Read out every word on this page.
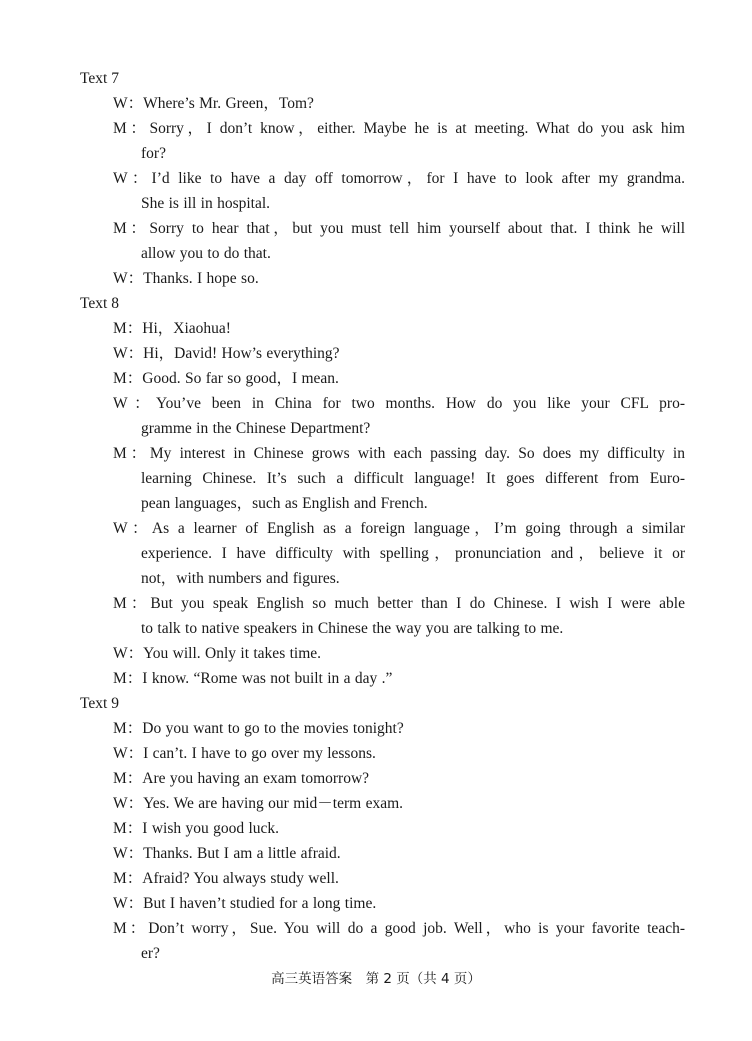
Text 7
W：Where’s Mr. Green，Tom?
M：Sorry，I don’t know，either. Maybe he is at meeting. What do you ask him
for?
W：I’d like to have a day off tomorrow，for I have to look after my grandma.
She is ill in hospital.
M：Sorry to hear that，but you must tell him yourself about that. I think he will
allow you to do that.
W：Thanks. I hope so.
Text 8
M：Hi，Xiaohua!
W：Hi，David! How’s everything?
M：Good. So far so good，I mean.
W：You’ve been in China for two months. How do you like your CFL pro-
gramme in the Chinese Department?
M：My interest in Chinese grows with each passing day. So does my difficulty in
learning Chinese. It’s such a difficult language! It goes different from Euro-
pean languages，such as English and French.
W：As a learner of English as a foreign language，I’m going through a similar
experience. I have difficulty with spelling，pronunciation and，believe it or
not，with numbers and figures.
M：But you speak English so much better than I do Chinese. I wish I were able
to talk to native speakers in Chinese the way you are talking to me.
W：You will. Only it takes time.
M：I know. “Rome was not built in a day .”
Text 9
M：Do you want to go to the movies tonight?
W：I can’t. I have to go over my lessons.
M：Are you having an exam tomorrow?
W：Yes. We are having our mid－term exam.
M：I wish you good luck.
W：Thanks. But I am a little afraid.
M：Afraid? You always study well.
W：But I haven’t studied for a long time.
M：Don’t worry，Sue. You will do a good job. Well，who is your favorite teach-
er?
高三英语答案　第 2 页（共 4 页）
